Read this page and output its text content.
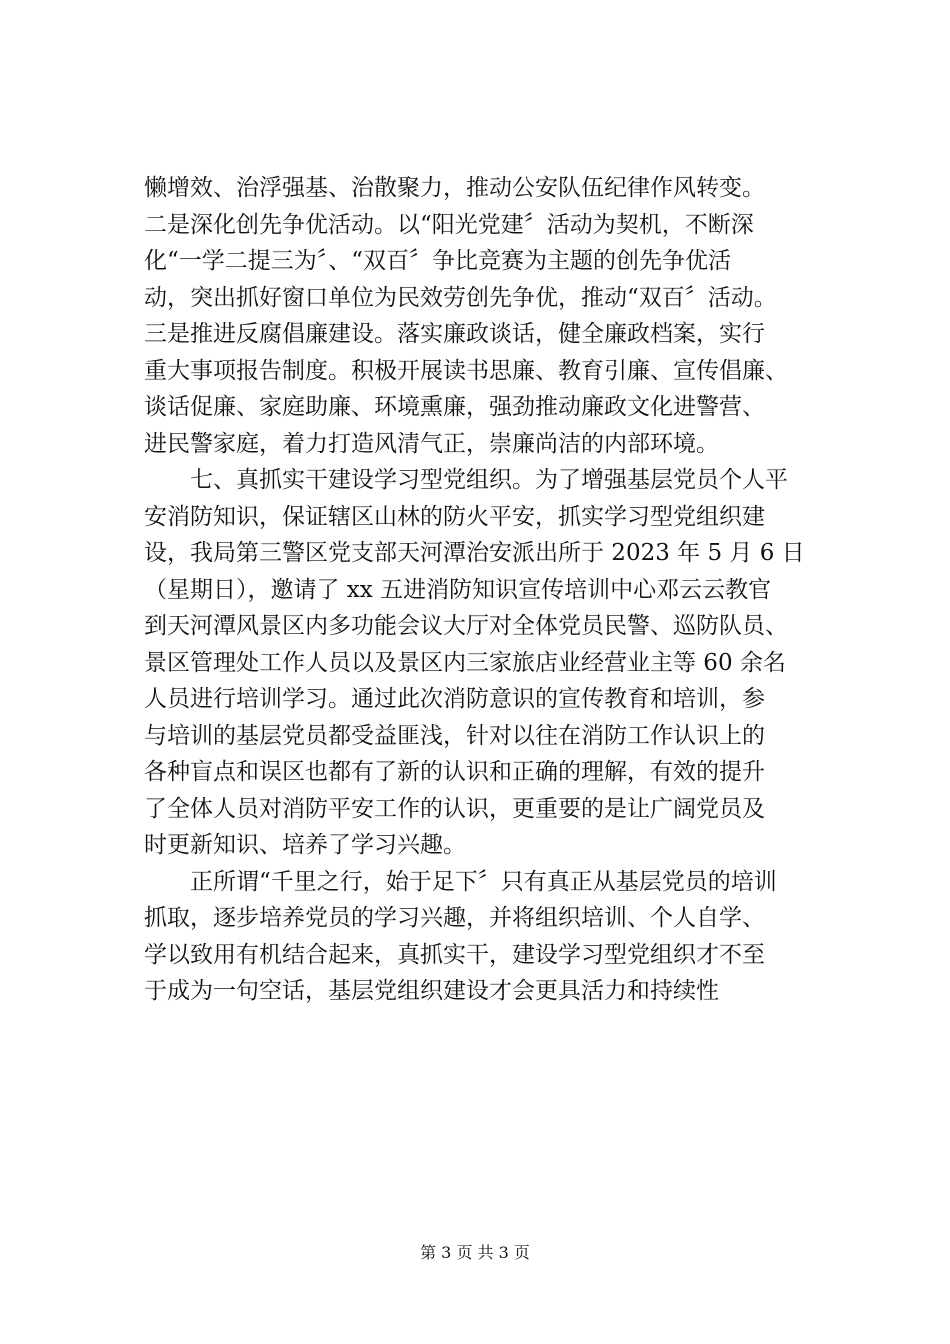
懒增效、治浮强基、治散聚力，推动公安队伍纪律作风转变。
二是深化创先争优活动。以“阳光党建〞活动为契机，不断深
化“一学二提三为〞、“双百〞争比竞赛为主题的创先争优活
动，突出抓好窗口单位为民效劳创先争优，推动“双百〞活动。
三是推进反腐倡廉建设。落实廉政谈话，健全廉政档案，实行
重大事项报告制度。积极开展读书思廉、教育引廉、宣传倡廉、
谈话促廉、家庭助廉、环境熏廉，强劲推动廉政文化进警营、
进民警家庭，着力打造风清气正，崇廉尚洁的内部环境。
七、真抓实干建设学习型党组织。为了增强基层党员个人平
安消防知识，保证辖区山林的防火平安，抓实学习型党组织建
设，我局第三警区党支部天河潭治安派出所于 2023 年 5 月 6 日
（星期日），邀请了 xx 五进消防知识宣传培训中心邓云云教官
到天河潭风景区内多功能会议大厅对全体党员民警、巡防队员、
景区管理处工作人员以及景区内三家旅店业经营业主等 60 余名
人员进行培训学习。通过此次消防意识的宣传教育和培训，参
与培训的基层党员都受益匪浅，针对以往在消防工作认识上的
各种盲点和误区也都有了新的认识和正确的理解，有效的提升
了全体人员对消防平安工作的认识，更重要的是让广阔党员及
时更新知识、培养了学习兴趣。
正所谓“千里之行，始于足下〞只有真正从基层党员的培训
抓取，逐步培养党员的学习兴趣，并将组织培训、个人自学、
学以致用有机结合起来，真抓实干，建设学习型党组织才不至
于成为一句空话，基层党组织建设才会更具活力和持续性
第 3 页 共 3 页
